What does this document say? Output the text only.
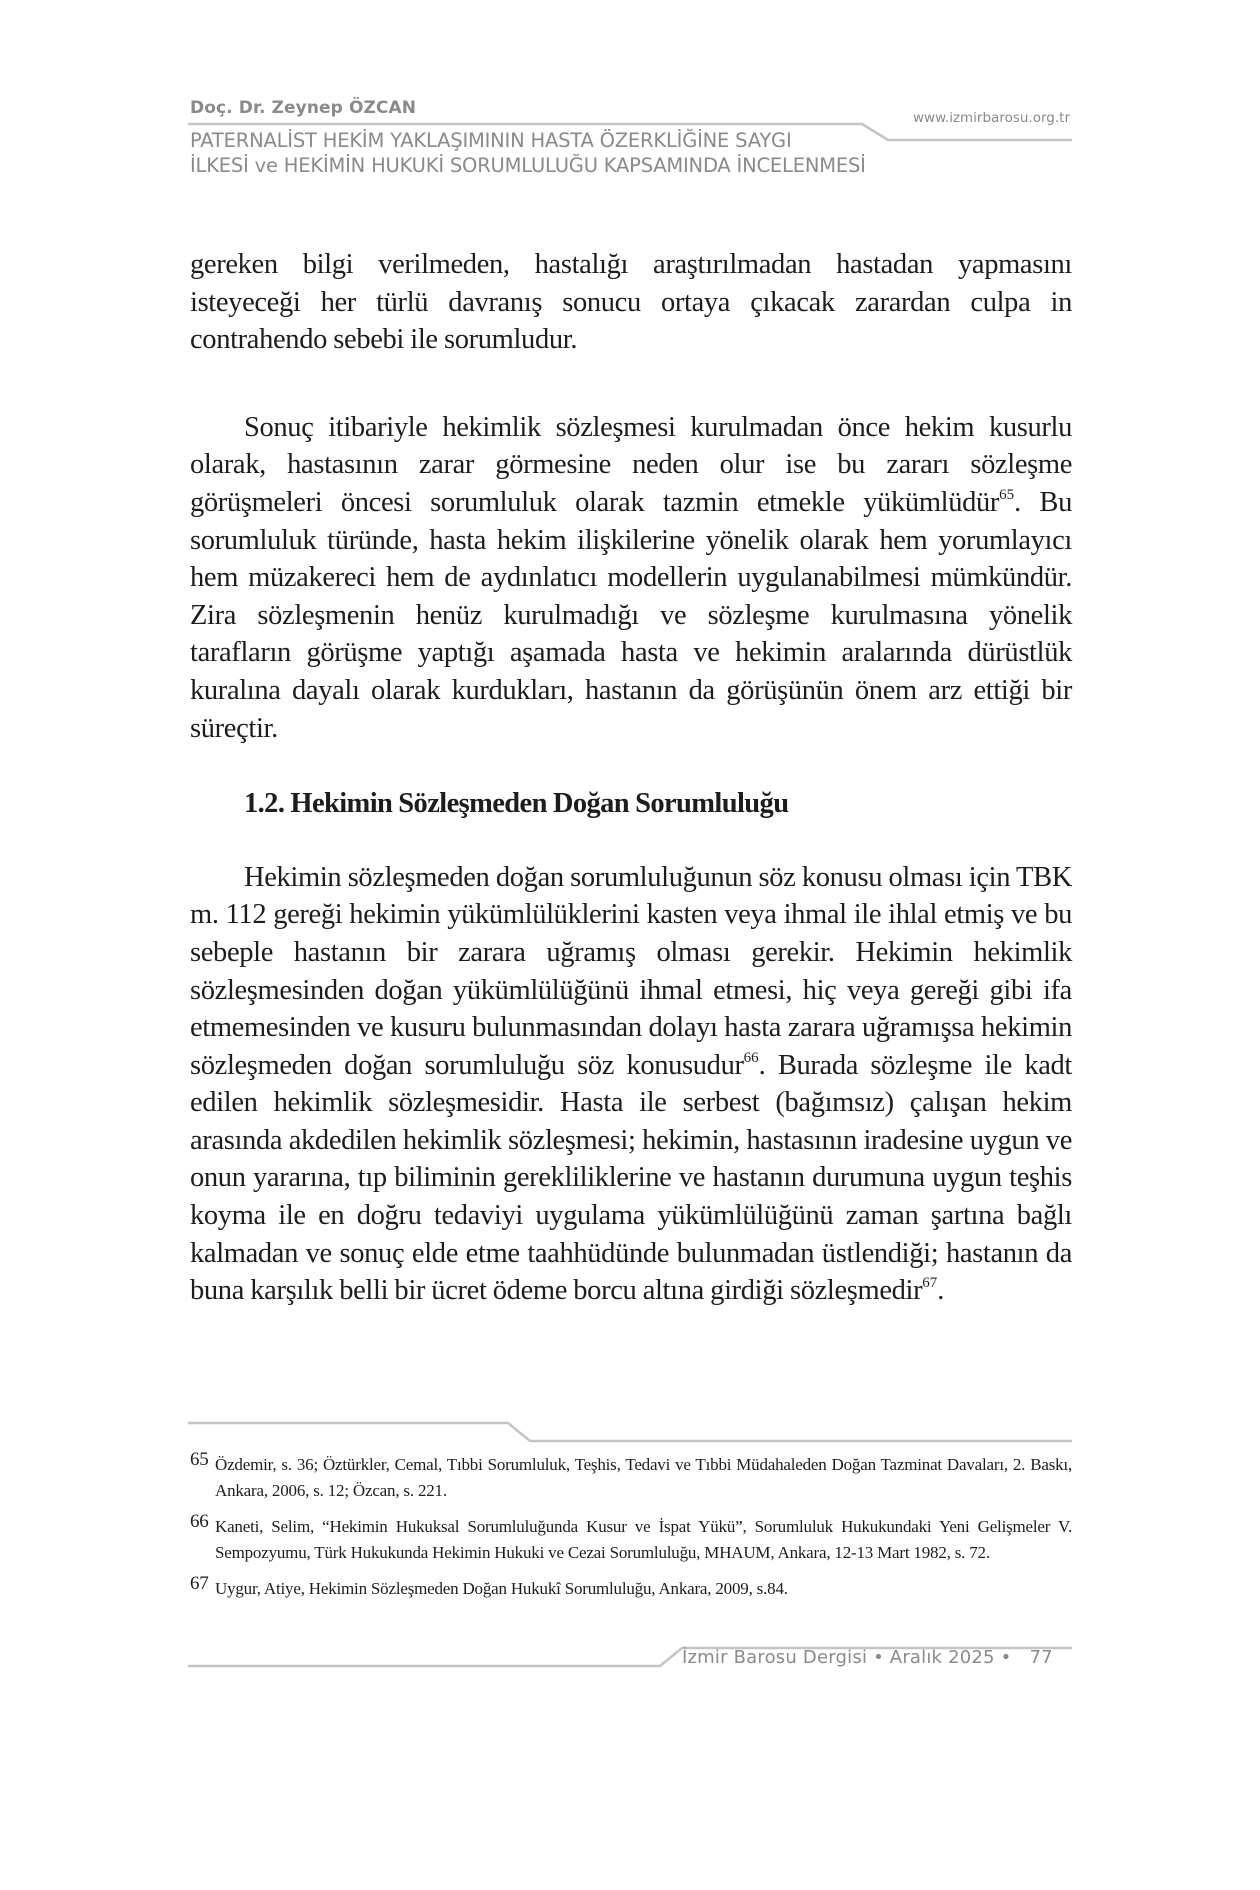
Doç. Dr. Zeynep ÖZCAN
PATERNALİST HEKİM YAKLAŞIMININ HASTA ÖZERKLİĞİNE SAYGI
İLKESİ ve HEKİMİN HUKUKİ SORUMLULUĞU KAPSAMINDA İNCELENMESİ
www.izmirbarosu.org.tr

gereken bilgi verilmeden, hastalığı araştırılmadan hastadan yapmasını isteyeceği her türlü davranış sonucu ortaya çıkacak zarardan culpa in contrahendo sebebi ile sorumludur.

Sonuç itibariyle hekimlik sözleşmesi kurulmadan önce hekim kusurlu olarak, hastasının zarar görmesine neden olur ise bu zararı sözleşme görüşmeleri öncesi sorumluluk olarak tazmin etmekle yükümlüdür$^{65}$. Bu sorumluluk türünde, hasta hekim ilişkilerine yönelik olarak hem yorumlayıcı hem müzakereci hem de aydınlatıcı modellerin uygulanabilmesi mümkündür. Zira sözleşmenin henüz kurulmadığı ve sözleşme kurulmasına yönelik tarafların görüşme yaptığı aşamada hasta ve hekimin aralarında dürüstlük kuralına dayalı olarak kurdukları, hastanın da görüşünün önem arz ettiği bir süreçtir.

1.2. Hekimin Sözleşmeden Doğan Sorumluluğu

Hekimin sözleşmeden doğan sorumluluğunun söz konusu olması için TBK m. 112 gereği hekimin yükümlülüklerini kasten veya ihmal ile ihlal etmiş ve bu sebeple hastanın bir zarara uğramış olması gerekir. Hekimin hekimlik sözleşmesinden doğan yükümlülüğünü ihmal etmesi, hiç veya gereği gibi ifa etmemesinden ve kusuru bulunmasından dolayı hasta zarara uğramışsa hekimin sözleşmeden doğan sorumluluğu söz konusudur$^{66}$. Burada sözleşme ile kadt edilen hekimlik sözleşmesidir. Hasta ile serbest (bağımsız) çalışan hekim arasında akdedilen hekimlik sözleşmesi; hekimin, hastasının iradesine uygun ve onun yararına, tıp biliminin gerekliliklerine ve hastanın durumuna uygun teşhis koyma ile en doğru tedaviyi uygulama yükümlülüğünü zaman şartına bağlı kalmadan ve sonuç elde etme taahhüdünde bulunmadan üstlendiği; hastanın da buna karşılık belli bir ücret ödeme borcu altına girdiği sözleşmedir$^{67}$.

65 Özdemir, s. 36; Öztürkler, Cemal, Tıbbi Sorumluluk, Teşhis, Tedavi ve Tıbbi Müdahaleden Doğan Tazminat Davaları, 2. Baskı, Ankara, 2006, s. 12; Özcan, s. 221.
66 Kaneti, Selim, “Hekimin Hukuksal Sorumluluğunda Kusur ve İspat Yükü”, Sorumluluk Hukukundaki Yeni Gelişmeler V. Sempozyumu, Türk Hukukunda Hekimin Hukuki ve Cezai Sorumluluğu, MHAUM, Ankara, 12-13 Mart 1982, s. 72.
67 Uygur, Atiye, Hekimin Sözleşmeden Doğan Hukukî Sorumluluğu, Ankara, 2009, s.84.
İzmir Barosu Dergisi • Aralık 2025 • 77
